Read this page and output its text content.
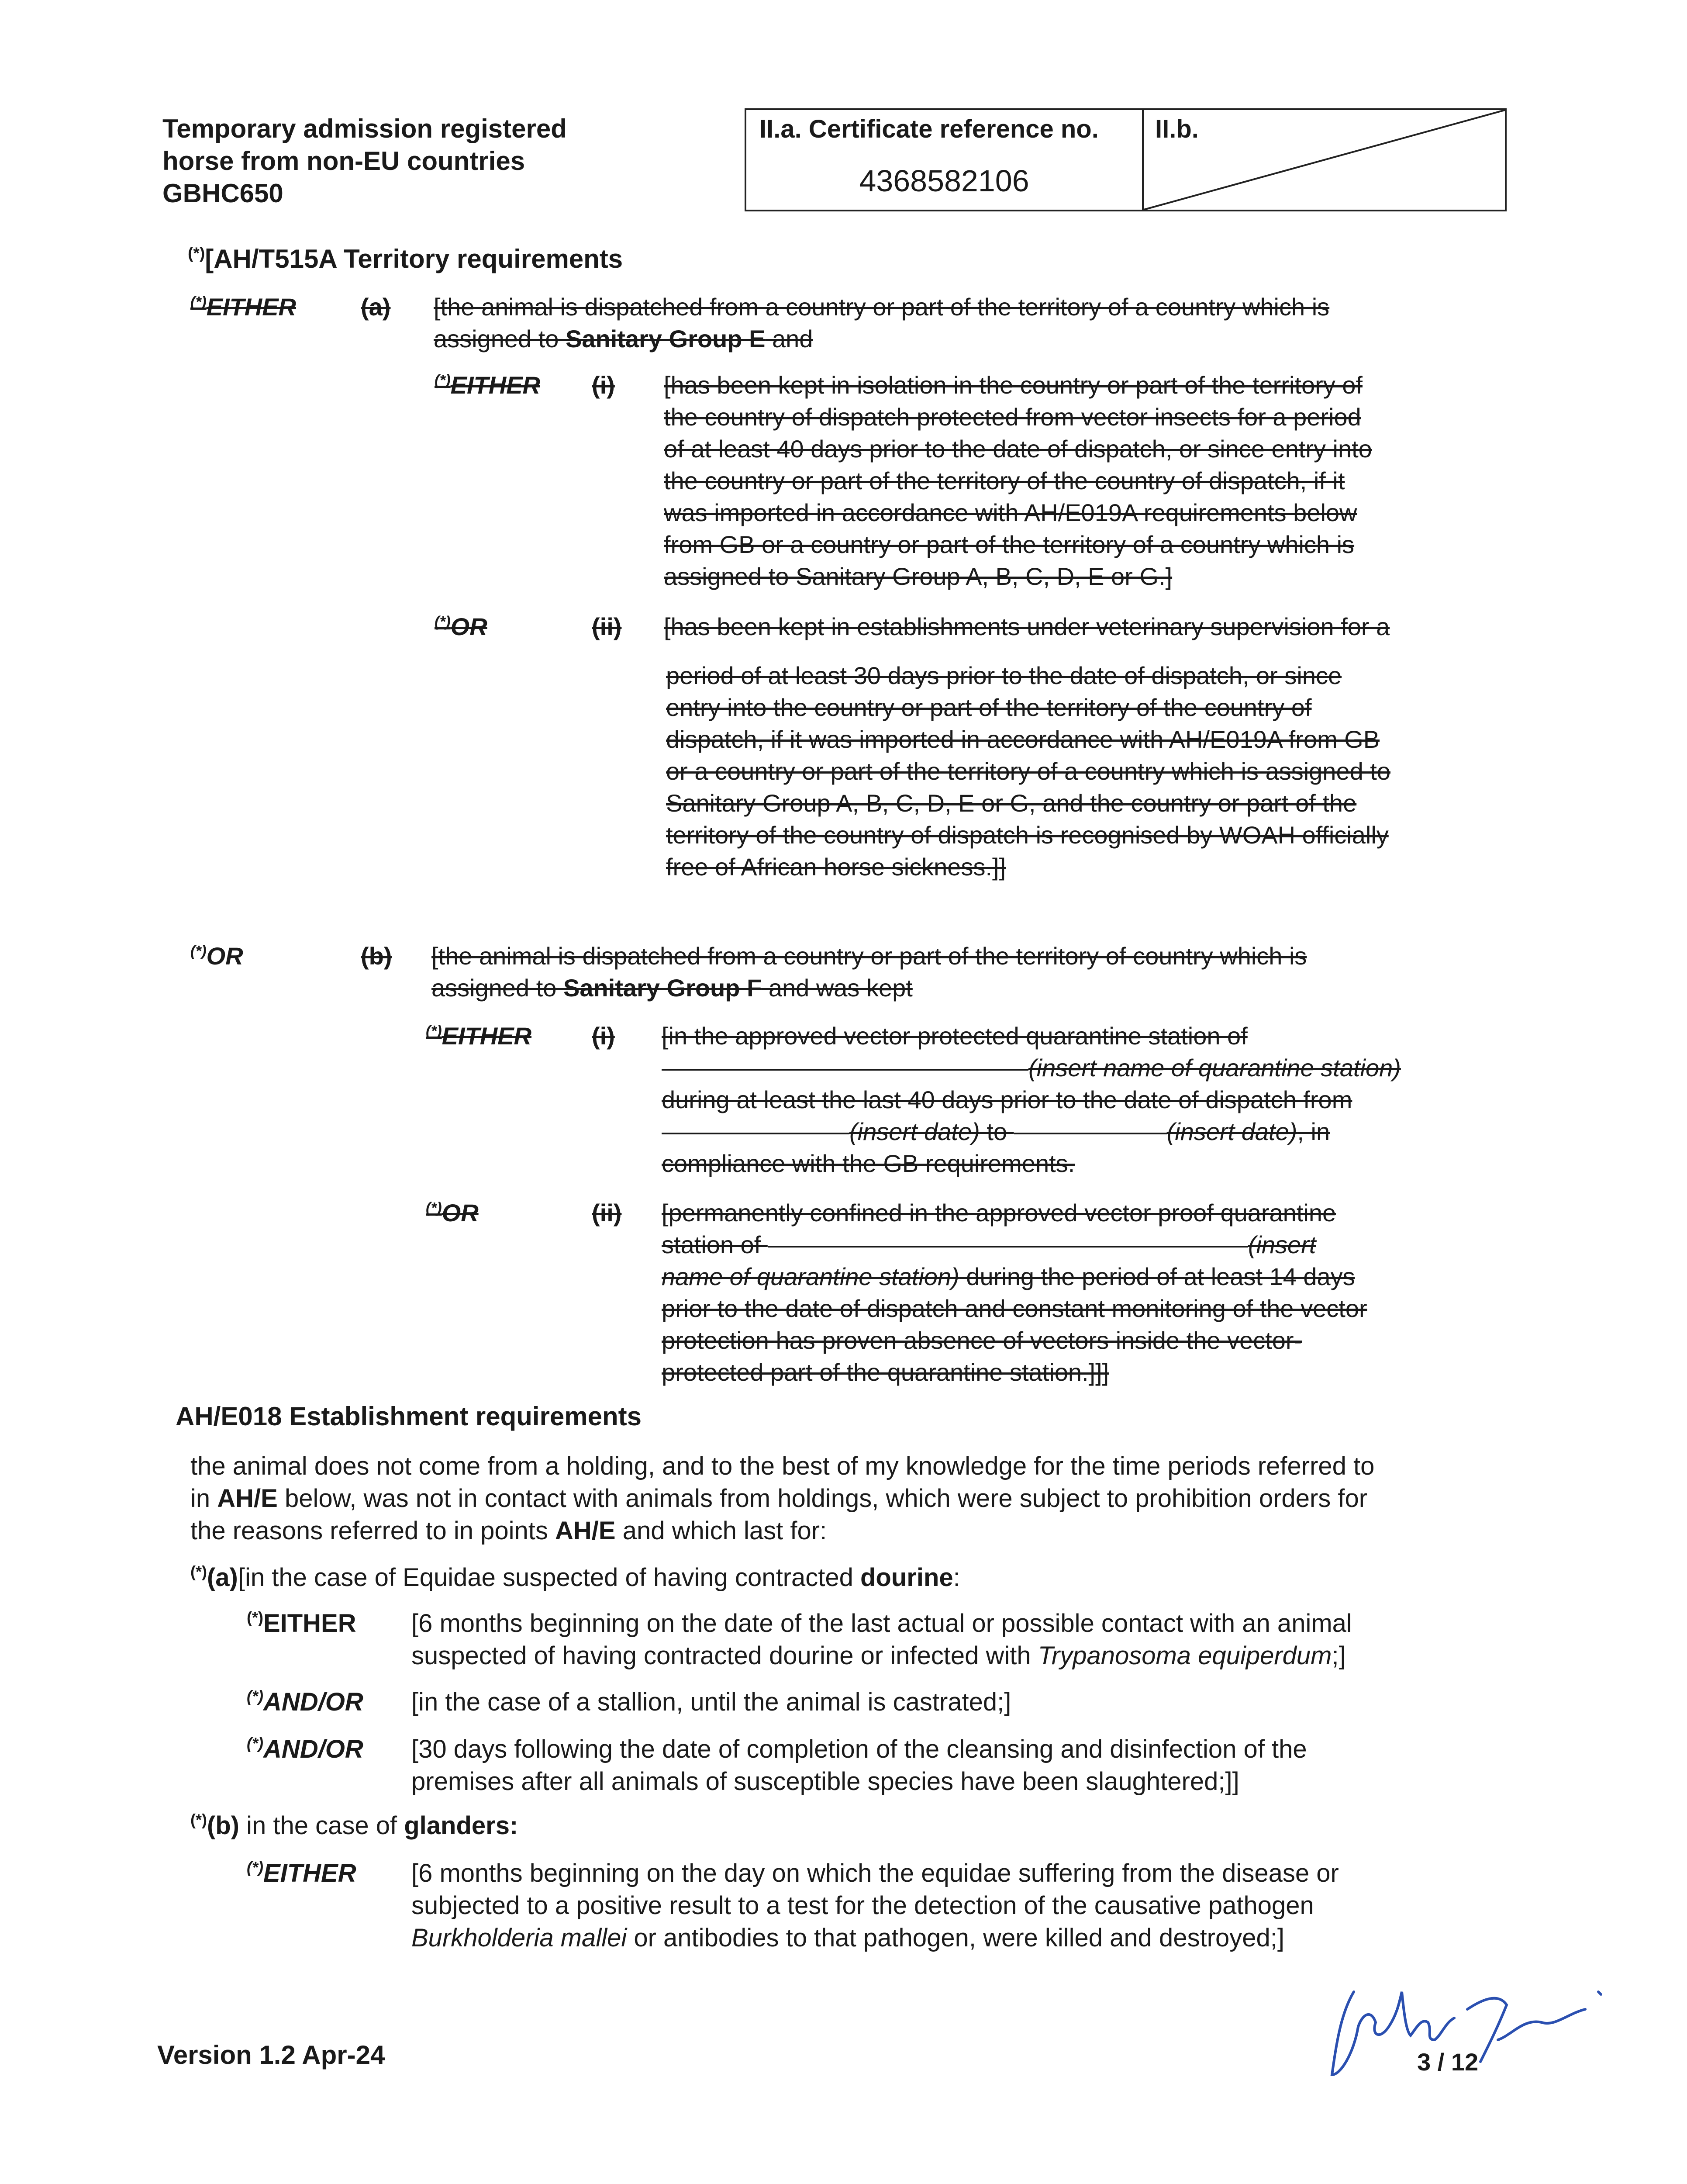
Temporary admission registered
horse from non-EU countries
GBHC650
II.a. Certificate reference no.
4368582106
II.b.
(*)[AH/T515A Territory requirements
(*)EITHER	(a) [the animal is dispatched from a country or part of the territory of a country which is
assigned to Sanitary Group E and
(*)EITHER (i) [has been kept in isolation in the country or part of the territory of
the country of dispatch protected from vector insects for a period
of at least 40 days prior to the date of dispatch, or since entry into
the country or part of the territory of the country of dispatch, if it
was imported in accordance with AH/E019A requirements below
from GB or a country or part of the territory of a country which is
assigned to Sanitary Group A, B, C, D, E or G.]
(*)OR	(ii) [has been kept in establishments under veterinary supervision for a
period of at least 30 days prior to the date of dispatch, or since
entry into the country or part of the territory of the country of
dispatch, if it was imported in accordance with AH/E019A from GB
or a country or part of the territory of a country which is assigned to
Sanitary Group A, B, C, D, E or G, and the country or part of the
territory of the country of dispatch is recognised by WOAH officially
free of African horse sickness.]]
(*)OR	(b) [the animal is dispatched from a country or part of the territory of country which is
assigned to Sanitary Group F and was kept
(*)EITHER (i) [in the approved vector protected quarantine station of
(insert name of quarantine station)
during at least the last 40 days prior to the date of dispatch from
(insert date) to	(insert date), in
compliance with the GB requirements.
(*)OR	(ii) [permanently confined in the approved vector proof quarantine
station of	(insert
name of quarantine station) during the period of at least 14 days
prior to the date of dispatch and constant monitoring of the vector
protection has proven absence of vectors inside the vector-
protected part of the quarantine station.]]]
AH/E018 Establishment requirements
the animal does not come from a holding, and to the best of my knowledge for the time periods referred to
in AH/E below, was not in contact with animals from holdings, which were subject to prohibition orders for
the reasons referred to in points AH/E and which last for:
(*)(a)[in the case of Equidae suspected of having contracted dourine:
(*)EITHER [6 months beginning on the date of the last actual or possible contact with an animal
suspected of having contracted dourine or infected with Trypanosoma equiperdum;]
(*)AND/OR [in the case of a stallion, until the animal is castrated;]
(*)AND/OR [30 days following the date of completion of the cleansing and disinfection of the
premises after all animals of susceptible species have been slaughtered;]]
(*)(b) in the case of glanders:
(*)EITHER [6 months beginning on the day on which the equidae suffering from the disease or
subjected to a positive result to a test for the detection of the causative pathogen
Burkholderia mallei or antibodies to that pathogen, were killed and destroyed;]
Version 1.2 Apr-24	3 / 12
